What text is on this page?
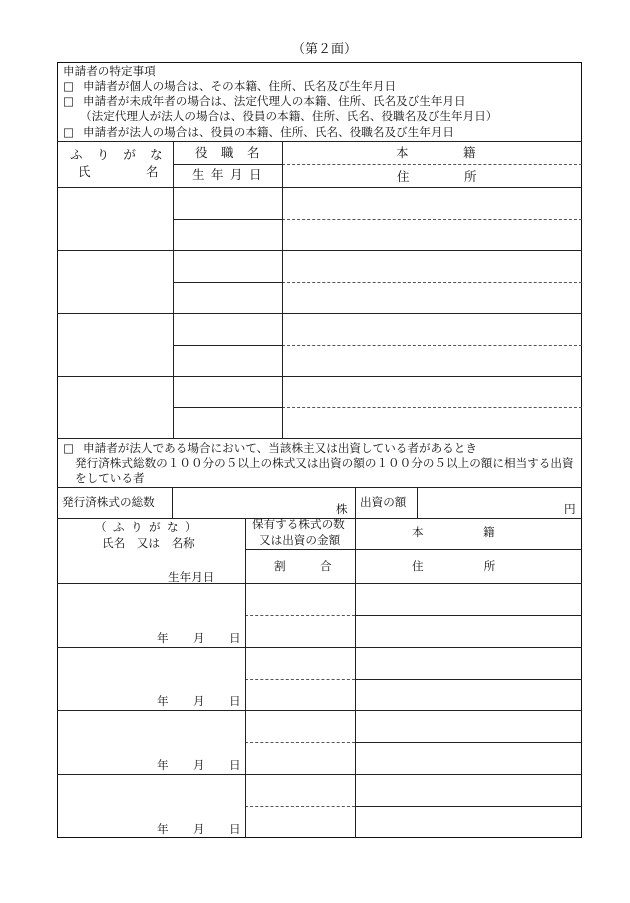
（第２面）
申請者の特定事項
□ 申請者が個人の場合は、その本籍、住所、氏名及び生年月日
□ 申請者が未成年者の場合は、法定代理人の本籍、住所、氏名及び生年月日
（法定代理人が法人の場合は、役員の本籍、住所、氏名、役職名及び生年月日）
□ 申請者が法人の場合は、役員の本籍、住所、氏名、役職名及び生年月日
ふりがな
氏名
役職名
生年月日
本籍
住所
□ 申請者が法人である場合において、当該株主又は出資している者があるとき
発行済株式総数の１００分の５以上の株式又は出資の額の１００分の５以上の額に相当する出資
をしている者
発行済株式の総数	株 出資の額	円
（ふりがな）
氏名　又は　名称
生年月日
保有する株式の数
又は出資の金額
割合
本籍
住所
年月日
年月日
年月日
年月日
